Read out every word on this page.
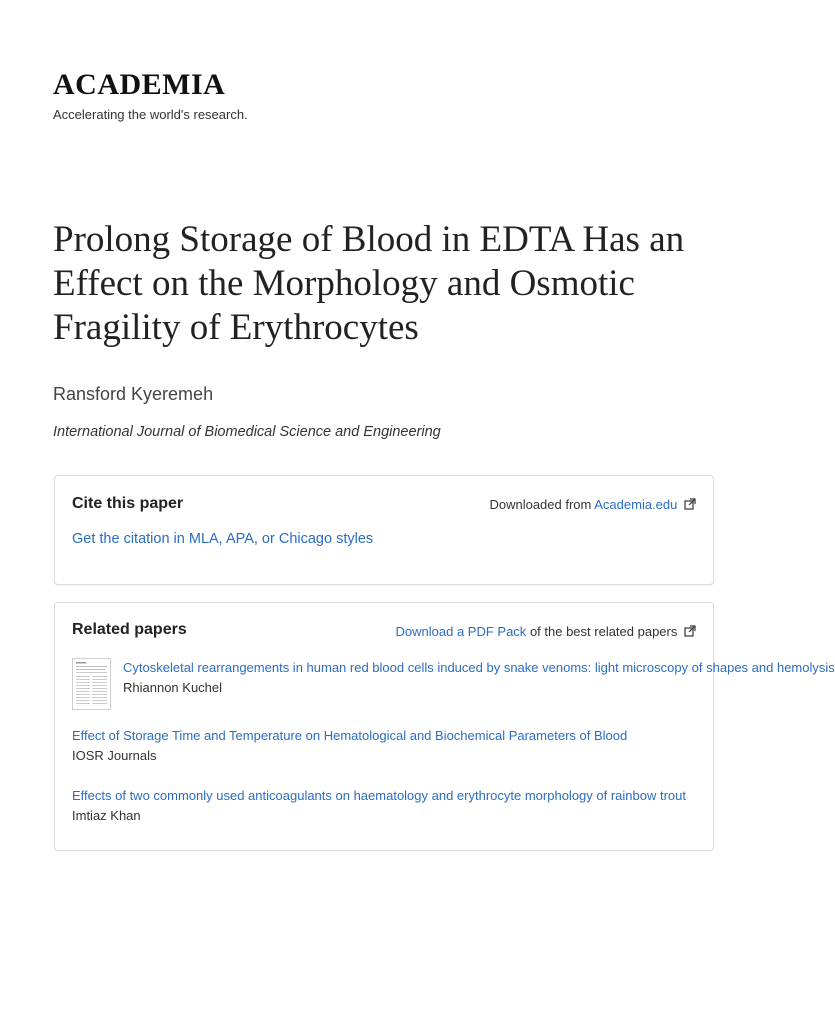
ACADEMIA
Accelerating the world's research.
Prolong Storage of Blood in EDTA Has an Effect on the Morphology and Osmotic Fragility of Erythrocytes
Ransford Kyeremeh
International Journal of Biomedical Science and Engineering
Cite this paper	Downloaded from Academia.edu
Get the citation in MLA, APA, or Chicago styles
Related papers	Download a PDF Pack of the best related papers
Cytoskeletal rearrangements in human red blood cells induced by snake venoms: light microscopy of shapes and hemolysis
Rhiannon Kuchel
Effect of Storage Time and Temperature on Hematological and Biochemical Parameters of Blood
IOSR Journals
Effects of two commonly used anticoagulants on haematology and erythrocyte morphology of rainbow trout
Imtiaz Khan
